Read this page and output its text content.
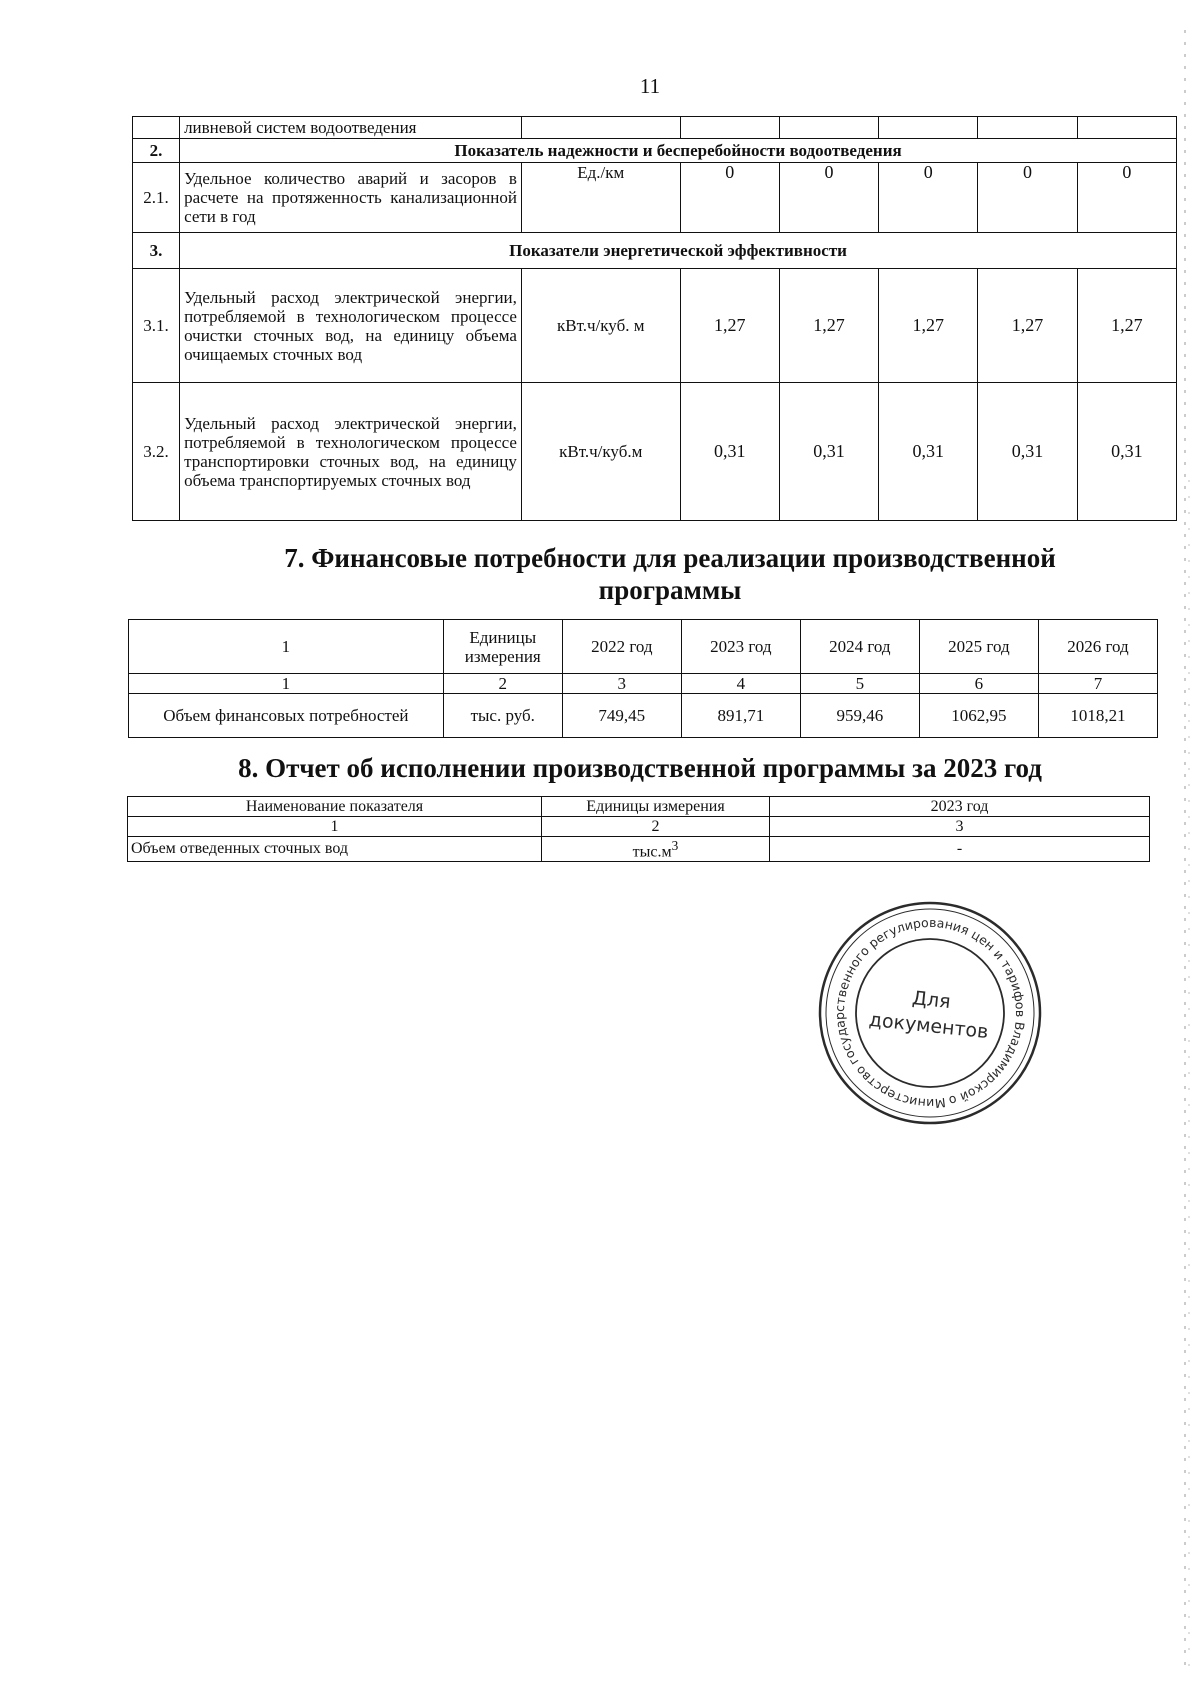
11
	ливневой систем водоотведения						
2.	Показатель надежности и бесперебойности водоотведения						
2.1.	Удельное количество аварий и засоров в расчете на протяженность канализационной сети в год	Ед./км	0	0	0	0	0
3.	Показатели энергетической эффективности						
3.1.	Удельный расход электрической энергии, потребляемой в технологическом процессе очистки сточных вод, на единицу объема очищаемых сточных вод	кВт.ч/куб. м	1,27	1,27	1,27	1,27	1,27
3.2.	Удельный расход электрической энергии, потребляемой в технологическом процессе транспортировки сточных вод, на единицу объема транспортируемых сточных вод	кВт.ч/куб.м	0,31	0,31	0,31	0,31	0,31
7. Финансовые потребности для реализации производственной
программы
1	Единицы измерения	2022 год	2023 год	2024 год	2025 год	2026 год
1	2	3	4	5	6	7
Объем финансовых потребностей	тыс. руб.	749,45	891,71	959,46	1062,95	1018,21
8. Отчет об исполнении производственной программы за 2023 год
Наименование показателя	Единицы измерения	2023 год
1	2	3
Объем отведенных сточных вод	$тыс.м^3$	-
Министерство государственного регулирования цен и тарифов Владимирской области
Для
документов
